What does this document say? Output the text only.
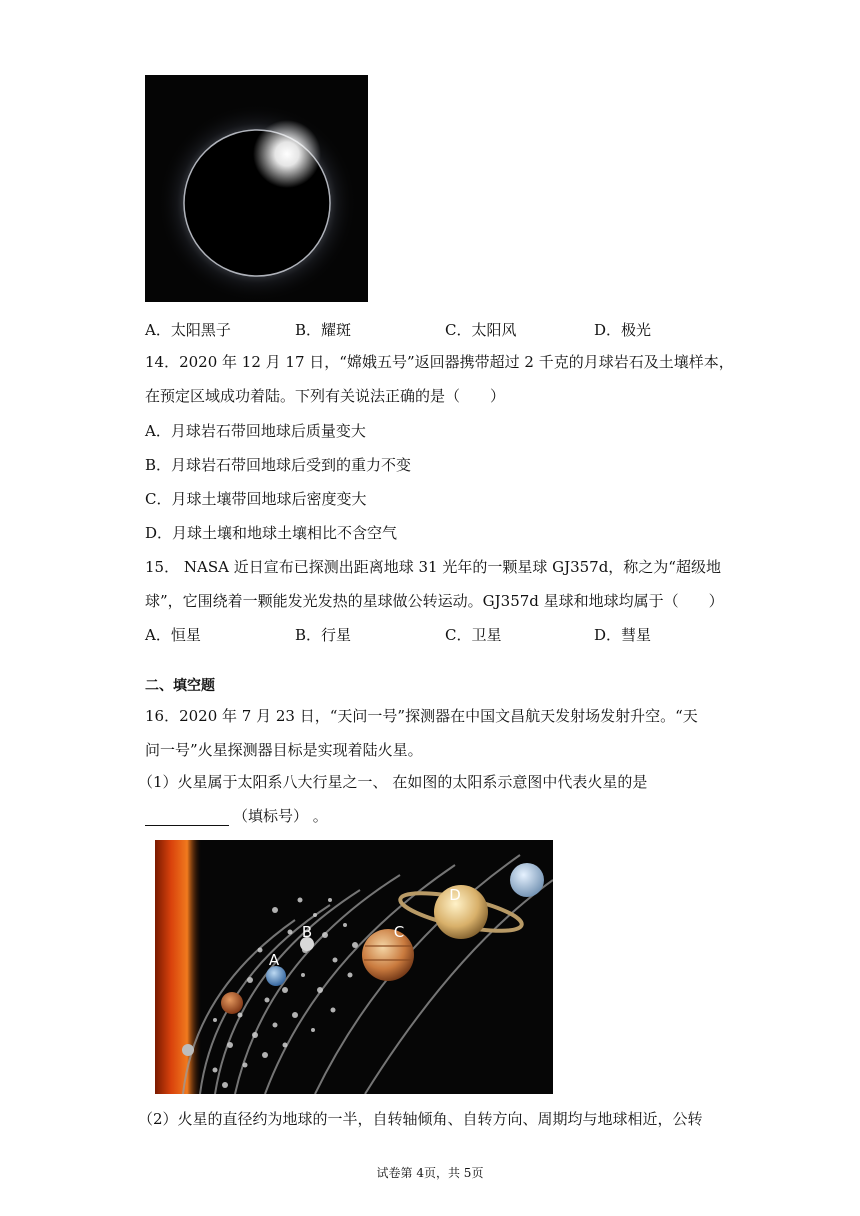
A．太阳黑子	B．耀斑	C．太阳风	D．极光
14．2020 年 12 月 17 日，“嫦娥五号”返回器携带超过 2 千克的月球岩石及土壤样本，
在预定区域成功着陆。下列有关说法正确的是（　　）
A．月球岩石带回地球后质量变大
B．月球岩石带回地球后受到的重力不变
C．月球土壤带回地球后密度变大
D．月球土壤和地球土壤相比不含空气
15． NASA 近日宣布已探测出距离地球 31 光年的一颗星球 GJ357d，称之为“超级地
球”，它围绕着一颗能发光发热的星球做公转运动。GJ357d 星球和地球均属于（　　）
A．恒星	B．行星	C．卫星	D．彗星
二、填空题
16．2020 年 7 月 23 日，“天问一号”探测器在中国文昌航天发射场发射升空。“天
问一号”火星探测器目标是实现着陆火星。
（1）火星属于太阳系八大行星之一、 在如图的太阳系示意图中代表火星的是
（填标号） 。
A
B	C
D
（2）火星的直径约为地球的一半，自转轴倾角、自转方向、周期均与地球相近，公转
试卷第 4页，共 5页
